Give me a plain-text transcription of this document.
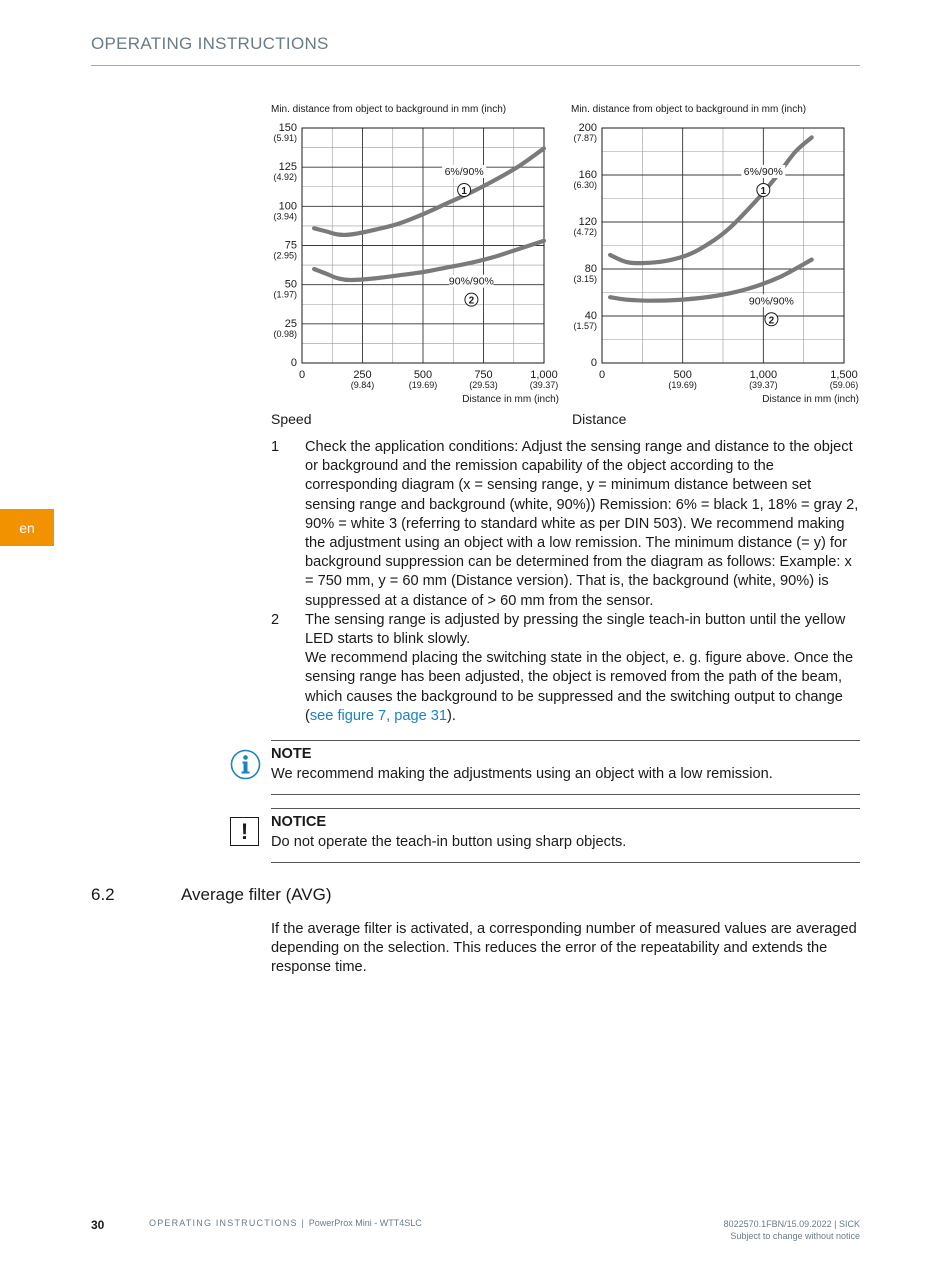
OPERATING INSTRUCTIONS
en
Min. distance from object to background in mm (inch)
0
25
(0.98)
50
(1.97)
75
(2.95)
100
(3.94)
125
(4.92)
150
(5.91)
0	250
(9.84)
500
(19.69)
750
(29.53)
1,000
(39.37)
Distance in mm (inch)
6%/90%
1
90%/90%
2
Min. distance from object to background in mm (inch)
0
40
(1.57)
80
(3.15)
120
(4.72)
160
(6.30)
200
(7.87)
0	500
(19.69)
1,000
(39.37)
1,500
(59.06)
Distance in mm (inch)
6%/90%
1
90%/90%
2
Speed	Distance
1	Check the application conditions: Adjust the sensing range and distance to the object or background and the remission capability of the object according to the corresponding diagram (x = sensing range, y = minimum distance between set sensing range and background (white, 90%)) Remission: 6% = black 1, 18% = gray 2, 90% = white 3 (referring to standard white as per DIN 503). We recommend making the adjustment using an object with a low remission. The minimum distance (= y) for background suppression can be determined from the diagram as follows: Example: x = 750 mm, y = 60 mm (Distance version). That is, the background (white, 90%) is suppressed at a distance of > 60 mm from the sensor.

2	The sensing range is adjusted by pressing the single teach-in button until the yellow LED starts to blink slowly.

We recommend placing the switching state in the object, e. g. figure above. Once the sensing range has been adjusted, the object is removed from the path of the beam, which causes the background to be suppressed and the switching output to change (see figure 7, page 31).

NOTE
We recommend making the adjustments using an object with a low remission.
!	NOTICE
Do not operate the teach-in button using sharp objects.
6.2	Average filter (AVG)

If the average filter is activated, a corresponding number of measured values are averaged depending on the selection. This reduces the error of the repeatability and extends the response time.

30	OPERATING INSTRUCTIONS | PowerProx Mini - WTT4SLC	8022570.1FBN/15.09.2022 | SICK
Subject to change without notice
